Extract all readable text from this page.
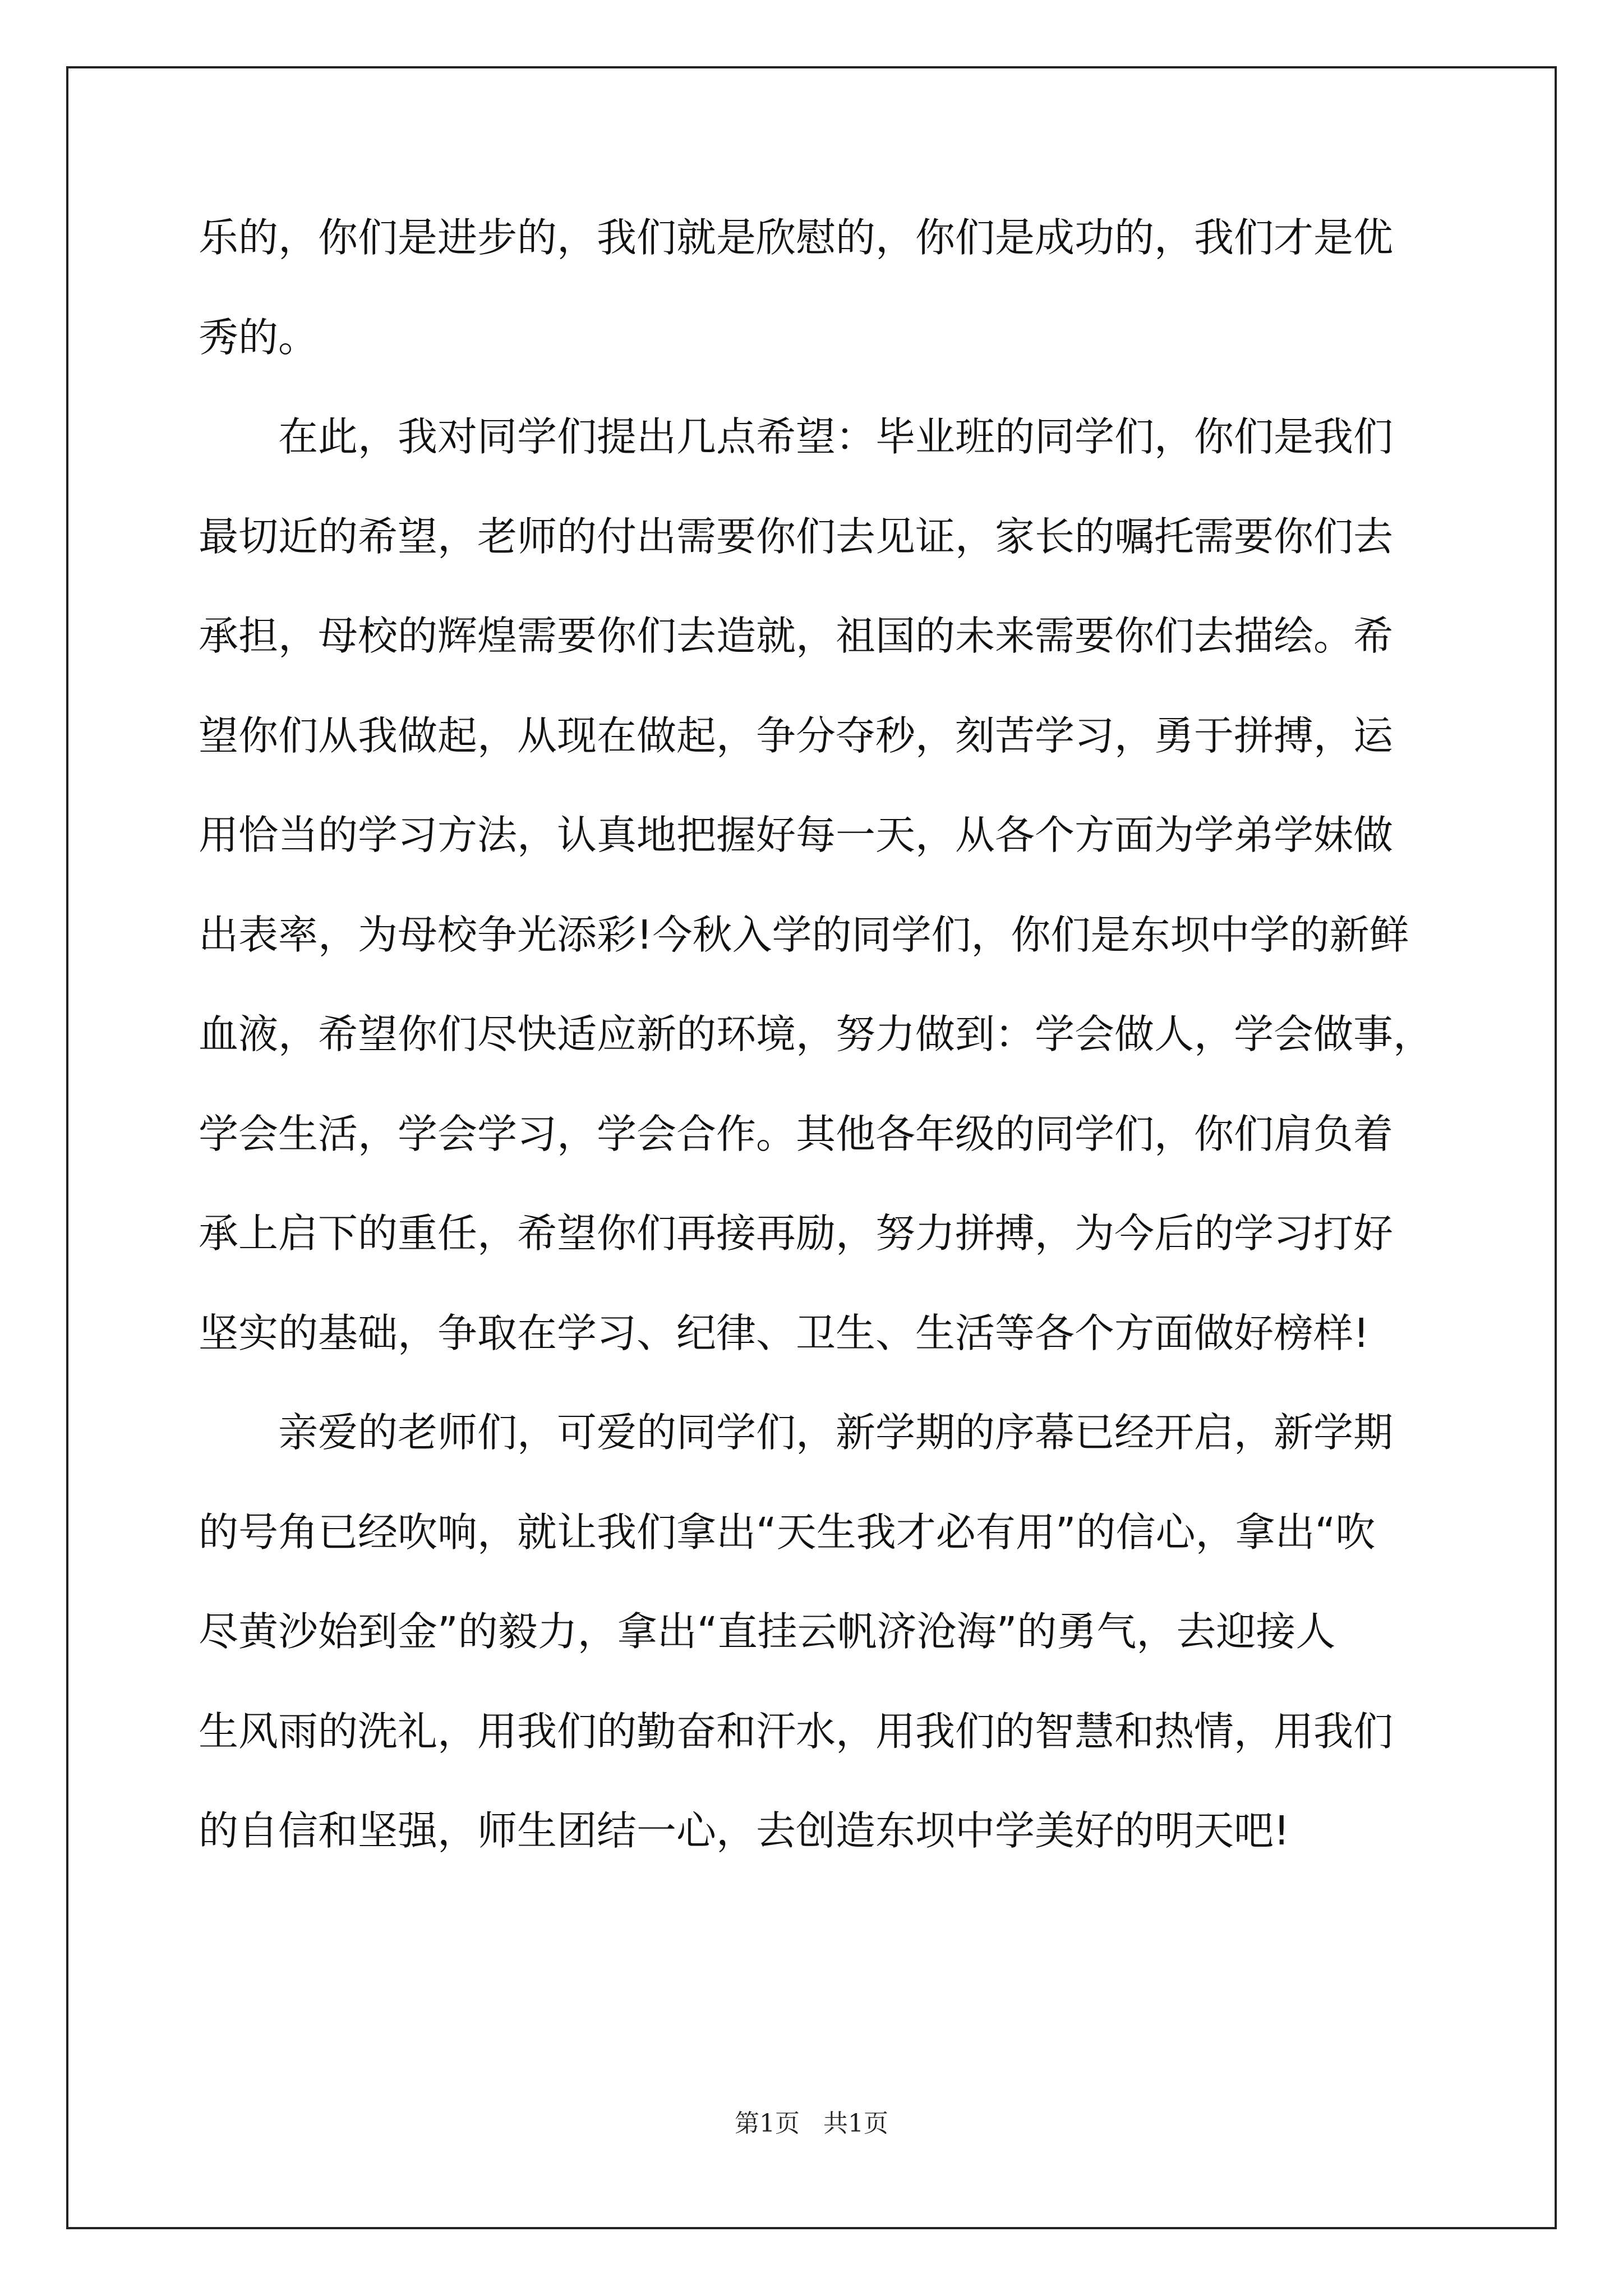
乐的，你们是进步的，我们就是欣慰的，你们是成功的，我们才是优
秀的。
在此，我对同学们提出几点希望：毕业班的同学们，你们是我们
最切近的希望，老师的付出需要你们去见证，家长的嘱托需要你们去
承担，母校的辉煌需要你们去造就，祖国的未来需要你们去描绘。希
望你们从我做起，从现在做起，争分夺秒，刻苦学习，勇于拼搏，运
用恰当的学习方法，认真地把握好每一天，从各个方面为学弟学妹做
出表率，为母校争光添彩!今秋入学的同学们，你们是东坝中学的新鲜
血液，希望你们尽快适应新的环境，努力做到：学会做人，学会做事，
学会生活，学会学习，学会合作。其他各年级的同学们，你们肩负着
承上启下的重任，希望你们再接再励，努力拼搏，为今后的学习打好
坚实的基础，争取在学习、纪律、卫生、生活等各个方面做好榜样!
亲爱的老师们，可爱的同学们，新学期的序幕已经开启，新学期
的号角已经吹响，就让我们拿出“天生我才必有用”的信心，拿出“吹
尽黄沙始到金”的毅力，拿出“直挂云帆济沧海”的勇气，去迎接人
生风雨的洗礼，用我们的勤奋和汗水，用我们的智慧和热情，用我们
的自信和坚强，师生团结一心，去创造东坝中学美好的明天吧!
第1页   共1页
